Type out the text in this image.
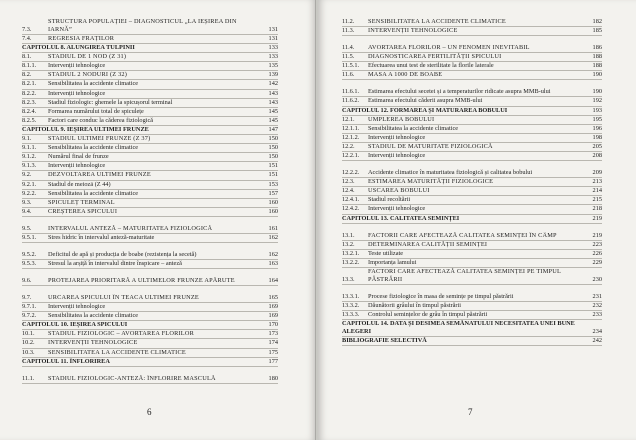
7.3.
STRUCTURA POPULAȚIEI – DIAGNOSTICUL „LA IEȘIREA DIN IARNĂ”	131
7.4.	REGRESIA FRAȚILOR	131
CAPITOLUL 8. ALUNGIREA TULPINII	133
8.1.	STADIUL DE 1 NOD (Z 31)	133
8.1.1.	Intervenții tehnologice	135
8.2.	STADIUL 2 NODURI (Z 32)	139
8.2.1.	Sensibilitatea la accidente climatice	142
8.2.2.	Intervenții tehnologice	143
8.2.3.	Stadiul fiziologic: ghemele la spicușorul terminal	143
8.2.4.	Formarea numărului total de spiculețe	145
8.2.5.	Factori care conduc la căderea fiziologică	145
CAPITOLUL 9. IEȘIREA ULTIMEI FRUNZE	147
9.1.	STADIUL ULTIMEI FRUNZE (Z 37)	150
9.1.1.	Sensibilitatea la accidente climatice	150
9.1.2.	Numărul final de frunze	150
9.1.3.	Intervenții tehnologice	151
9.2.	DEZVOLTAREA ULTIMEI FRUNZE	151
9.2.1.	Stadiul de meiozā (Z 44)	153
9.2.2.	Sensibilitatea la accidente climatice	157
9.3.	SPICULEȚ TERMINAL	160
9.4.	CREȘTEREA SPICULUI	160
9.5.	INTERVALUL ANTEZĂ – MATURITATEA FIZIOLOGICĂ	161
9.5.1.	Stres hidric în intervalul anteză-maturitate	162
9.5.2.	Deficitul de apă și producția de boabe (rezistența la secetă)	162
9.5.3.	Stresul la arșiță în intervalul dintre înspicare – anteză	163
9.6.	PROTEJAREA PRIORITARĂ A ULTIMELOR FRUNZE APĂRUTE	164
9.7.	URCAREA SPICULUI ÎN TEACA ULTIMEI FRUNZE	165
9.7.1.	Intervenții tehnologice	169
9.7.2.	Sensibilitatea la accidente climatice	169
CAPITOLUL 10. IEȘIREA SPICULUI	170
10.1.	STADIUL FIZIOLOGIC – AVORTAREA FLORILOR	173
10.2.	INTERVENȚII TEHNOLOGICE	174
10.3.	SENSIBILITATEA LA ACCIDENTE CLIMATICE	175
CAPITOLUL 11. ÎNFLORIREA	177
11.1.	STADIUL FIZIOLOGIC-ANTEZĂ: ÎNFLORIRE MASCULĂ	180
6
11.2.	SENSIBILITATEA LA ACCIDENTE CLIMATICE	182
11.3.	INTERVENȚII TEHNOLOGICE	185
11.4.	AVORTAREA FLORILOR – UN FENOMEN INEVITABIL	186
11.5.	DIAGNOSTICAREA FERTILITĂȚII SPICULUI	188
11.5.1.	Efectuarea unui test de sterilitate la florile laterale	188
11.6.	MASA A 1000 DE BOABE	190
11.6.1.	Estimarea efectului secetei și a temperaturilor ridicate asupra MMB-ului	190
11.6.2.	Estimarea efectului căderii asupra MMB-ului	192
CAPITOLUL 12. FORMAREA ȘI MATURAREA BOBULUI	193
12.1.	UMPLEREA BOBULUI	195
12.1.1.	Sensibilitatea la accidente climatice	196
12.1.2.	Intervenții tehnologice	198
12.2.	STADIUL DE MATURITATE FIZIOLOGICĂ	205
12.2.1.	Intervenții tehnologice	208
12.2.2.	Accidente climatice în maturitatea fiziologică și calitatea bobului	209
12.3.	ESTIMAREA MATURITĂȚII FIZIOLOGICE	213
12.4.	USCAREA BOBULUI	214
12.4.1.	Stadiul recoltării	215
12.4.2.	Intervenții tehnologice	218
CAPITOLUL 13. CALITATEA SEMINȚEI	219
13.1.	FACTORII CARE AFECTEAZĂ CALITATEA SEMINȚEI ÎN CÂMP	219
13.2.	DETERMINAREA CALITĂȚII SEMINȚEI	223
13.2.1.	Teste utilizate	226
13.2.2.	Importanța lamului	229
13.3.
FACTORI CARE AFECTEAZĂ CALITATEA SEMINȚEI PE TIMPUL PĂSTRĂRII	230
13.3.1.	Procese fiziologice în masa de semințe pe timpul păstrării	231
13.3.2.	Dăunătorii grâului în timpul păstrării	232
13.3.3.	Controlul semințelor de grâu în timpul păstrării	233
CAPITOLUL 14. DATA ȘI DESIMEA SEMĂNATULUI NECESITATEA UNEI BUNE ALEGERI	234
BIBLIOGRAFIE SELECTIVĂ	242
7
